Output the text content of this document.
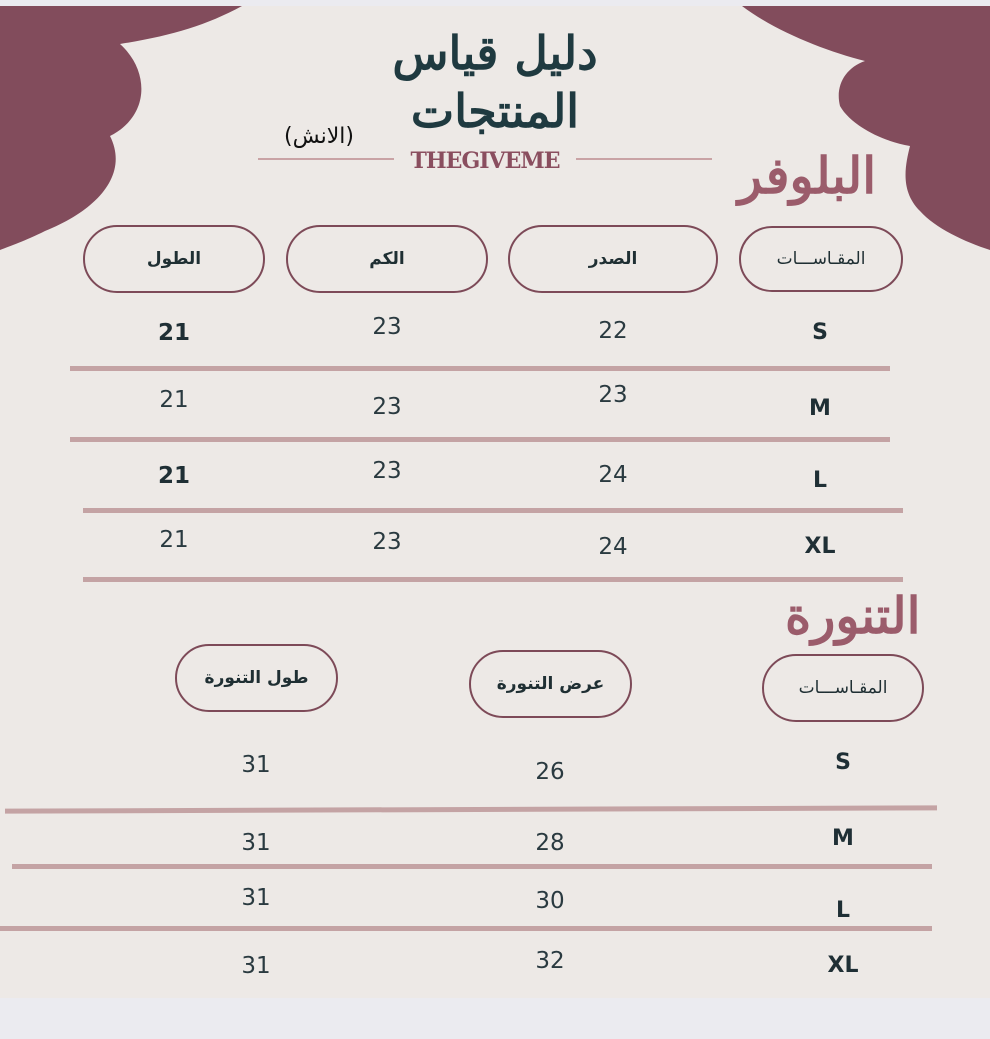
دليل قياس
المنتجات
(الانش)
THEGIVEME	البلوفر
المقـاســـات
الصدر
الكم
الطول
S
22
23
21
M
23
23
21
L
24
23
21
XL
24
23
21
التنورة
المقـاســـات
عرض التنورة
طول التنورة
S
26
31
M
28
31
L
30
31
XL
32
31
